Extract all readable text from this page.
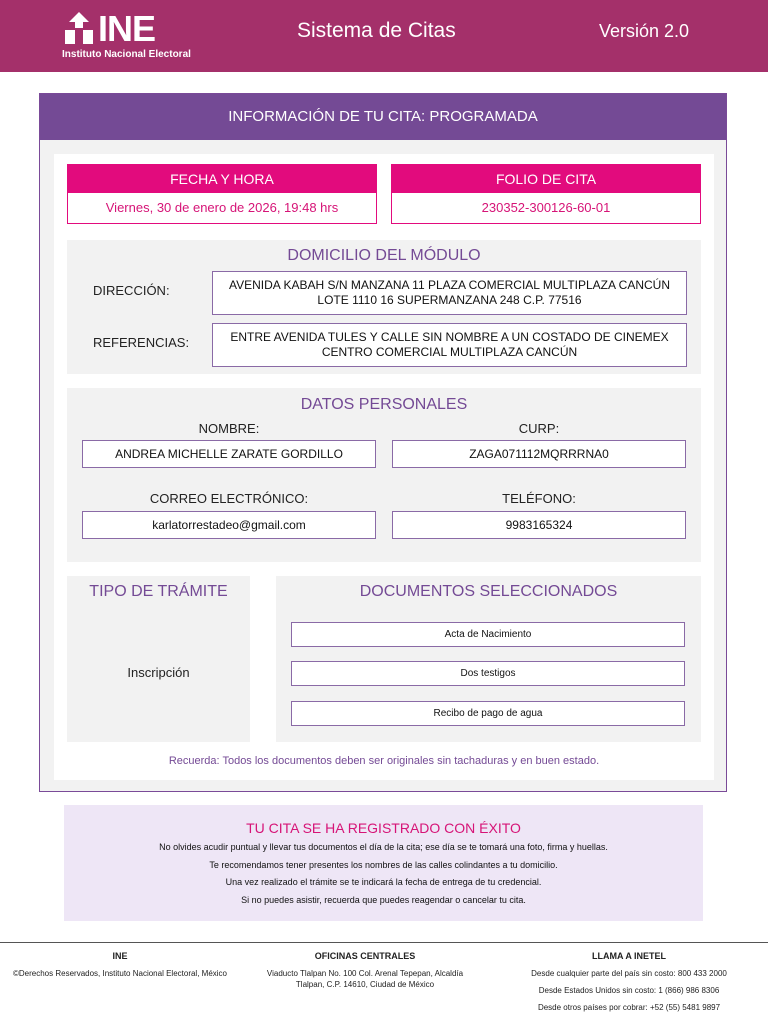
INE
Instituto Nacional Electoral
Sistema de Citas	Versión 2.0
INFORMACIÓN DE TU CITA: PROGRAMADA
FECHA Y HORA
Viernes, 30 de enero de 2026, 19:48 hrs
FOLIO DE CITA
230352-300126-60-01
DOMICILIO DEL MÓDULO
DIRECCIÓN:	AVENIDA KABAH S/N MANZANA 11 PLAZA COMERCIAL MULTIPLAZA CANCÚN LOTE 1110 16 SUPERMANZANA 248 C.P. 77516
REFERENCIAS:	ENTRE AVENIDA TULES Y CALLE SIN NOMBRE A UN COSTADO DE CINEMEX CENTRO COMERCIAL MULTIPLAZA CANCÚN
DATOS PERSONALES
NOMBRE:
ANDREA MICHELLE ZARATE GORDILLO
CURP:
ZAGA071112MQRRRNA0
CORREO ELECTRÓNICO:
karlatorrestadeo@gmail.com
TELÉFONO:
9983165324
TIPO DE TRÁMITE
Inscripción
DOCUMENTOS SELECCIONADOS
Acta de Nacimiento
Dos testigos
Recibo de pago de agua
Recuerda: Todos los documentos deben ser originales sin tachaduras y en buen estado.
TU CITA SE HA REGISTRADO CON ÉXITO
No olvides acudir puntual y llevar tus documentos el día de la cita; ese día se te tomará una foto, firma y huellas.
Te recomendamos tener presentes los nombres de las calles colindantes a tu domicilio.
Una vez realizado el trámite se te indicará la fecha de entrega de tu credencial.
Si no puedes asistir, recuerda que puedes reagendar o cancelar tu cita.
INE
©Derechos Reservados, Instituto Nacional Electoral, México
OFICINAS CENTRALES
Viaducto Tlalpan No. 100 Col. Arenal Tepepan, Alcaldía Tlalpan, C.P. 14610, Ciudad de México
LLAMA A INETEL
Desde cualquier parte del país sin costo: 800 433 2000
Desde Estados Unidos sin costo: 1 (866) 986 8306
Desde otros países por cobrar: +52 (55) 5481 9897
